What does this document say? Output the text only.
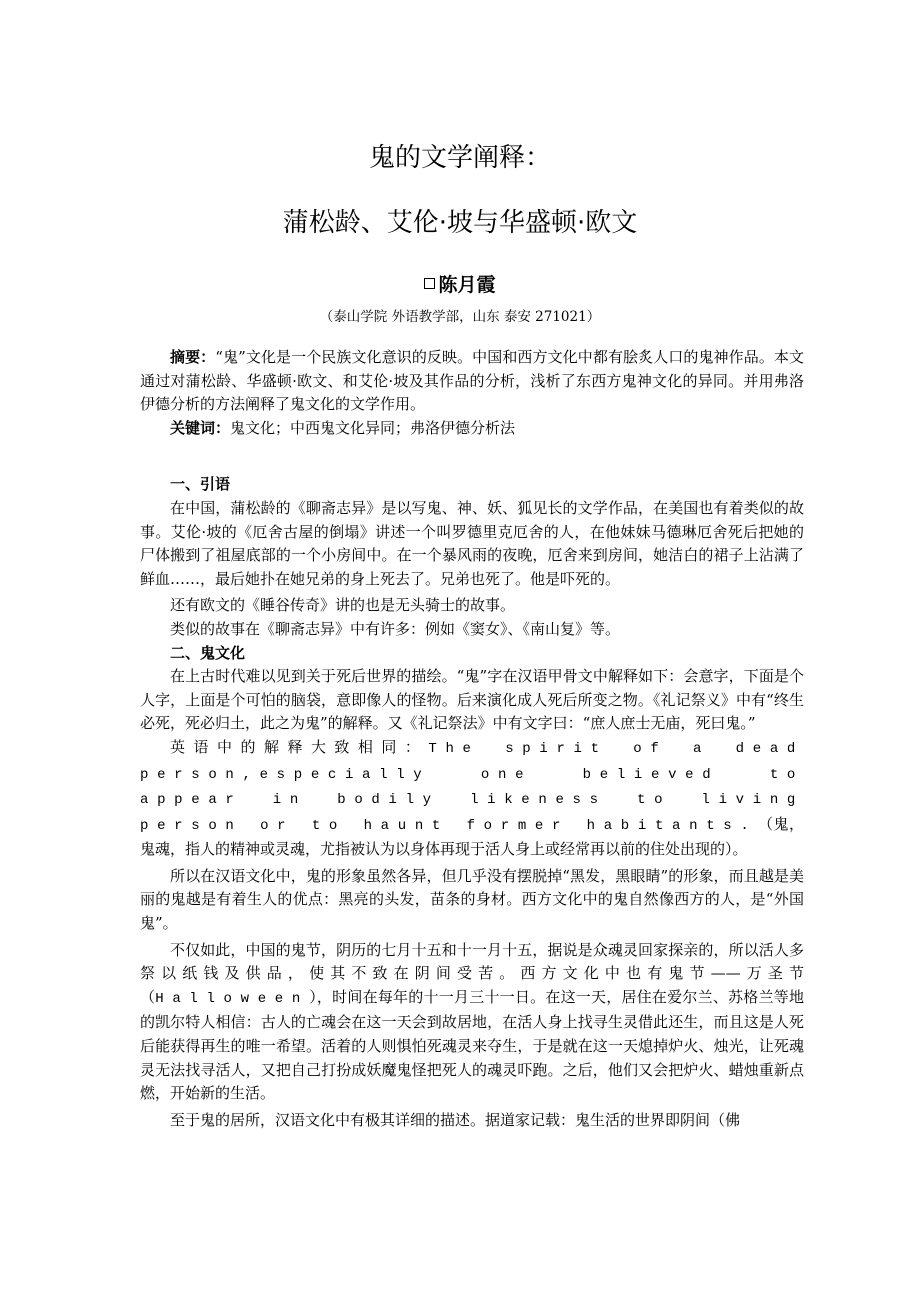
鬼的文学阐释：
蒲松龄、艾伦·坡与华盛顿·欧文
陈月霞
（泰山学院 外语教学部，山东 泰安 271021）

摘要：“鬼”文化是一个民族文化意识的反映。中国和西方文化中都有脍炙人口的鬼神作品。本文通过对蒲松龄、华盛顿·欧文、和艾伦·坡及其作品的分析，浅析了东西方鬼神文化的异同。并用弗洛伊德分析的方法阐释了鬼文化的文学作用。

关键词：鬼文化；中西鬼文化异同；弗洛伊德分析法

一、引语

在中国，蒲松龄的《聊斋志异》是以写鬼、神、妖、狐见长的文学作品，在美国也有着类似的故事。艾伦·坡的《厄舍古屋的倒塌》讲述一个叫罗德里克厄舍的人，在他妹妹马德琳厄舍死后把她的尸体搬到了祖屋底部的一个小房间中。在一个暴风雨的夜晚，厄舍来到房间，她洁白的裙子上沾满了鲜血……，最后她扑在她兄弟的身上死去了。兄弟也死了。他是吓死的。

还有欧文的《睡谷传奇》讲的也是无头骑士的故事。

类似的故事在《聊斋志异》中有许多：例如《窦女》、《南山复》等。

二、鬼文化

在上古时代难以见到关于死后世界的描绘。“鬼”字在汉语甲骨文中解释如下：会意字，下面是个人字，上面是个可怕的脑袋，意即像人的怪物。后来演化成人死后所变之物。《礼记祭义》中有“终生必死，死必归土，此之为鬼”的解释。又《礼记祭法》中有文字曰：“庶人庶士无庙，死曰鬼。”

英语中的解释大致相同：The spirit of a dead person,especially one believed to appear in bodily likeness to living person or to haunt former habitants.（鬼，鬼魂，指人的精神或灵魂，尤指被认为以身体再现于活人身上或经常再以前的住处出现的）。

所以在汉语文化中，鬼的形象虽然各异，但几乎没有摆脱掉“黑发，黑眼睛”的形象，而且越是美丽的鬼越是有着生人的优点：黑亮的头发，苗条的身材。西方文化中的鬼自然像西方的人，是“外国鬼”。

不仅如此，中国的鬼节，阴历的七月十五和十一月十五，据说是众魂灵回家探亲的，所以活人多祭以纸钱及供品，使其不致在阴间受苦。西方文化中也有鬼节——万圣节（Halloween），时间在每年的十一月三十一日。在这一天，居住在爱尔兰、苏格兰等地的凯尔特人相信：古人的亡魂会在这一天会到故居地，在活人身上找寻生灵借此还生，而且这是人死后能获得再生的唯一希望。活着的人则惧怕死魂灵来夺生，于是就在这一天熄掉炉火、烛光，让死魂灵无法找寻活人，又把自己打扮成妖魔鬼怪把死人的魂灵吓跑。之后，他们又会把炉火、蜡烛重新点燃，开始新的生活。

至于鬼的居所，汉语文化中有极其详细的描述。据道家记载：鬼生活的世界即阴间（佛
